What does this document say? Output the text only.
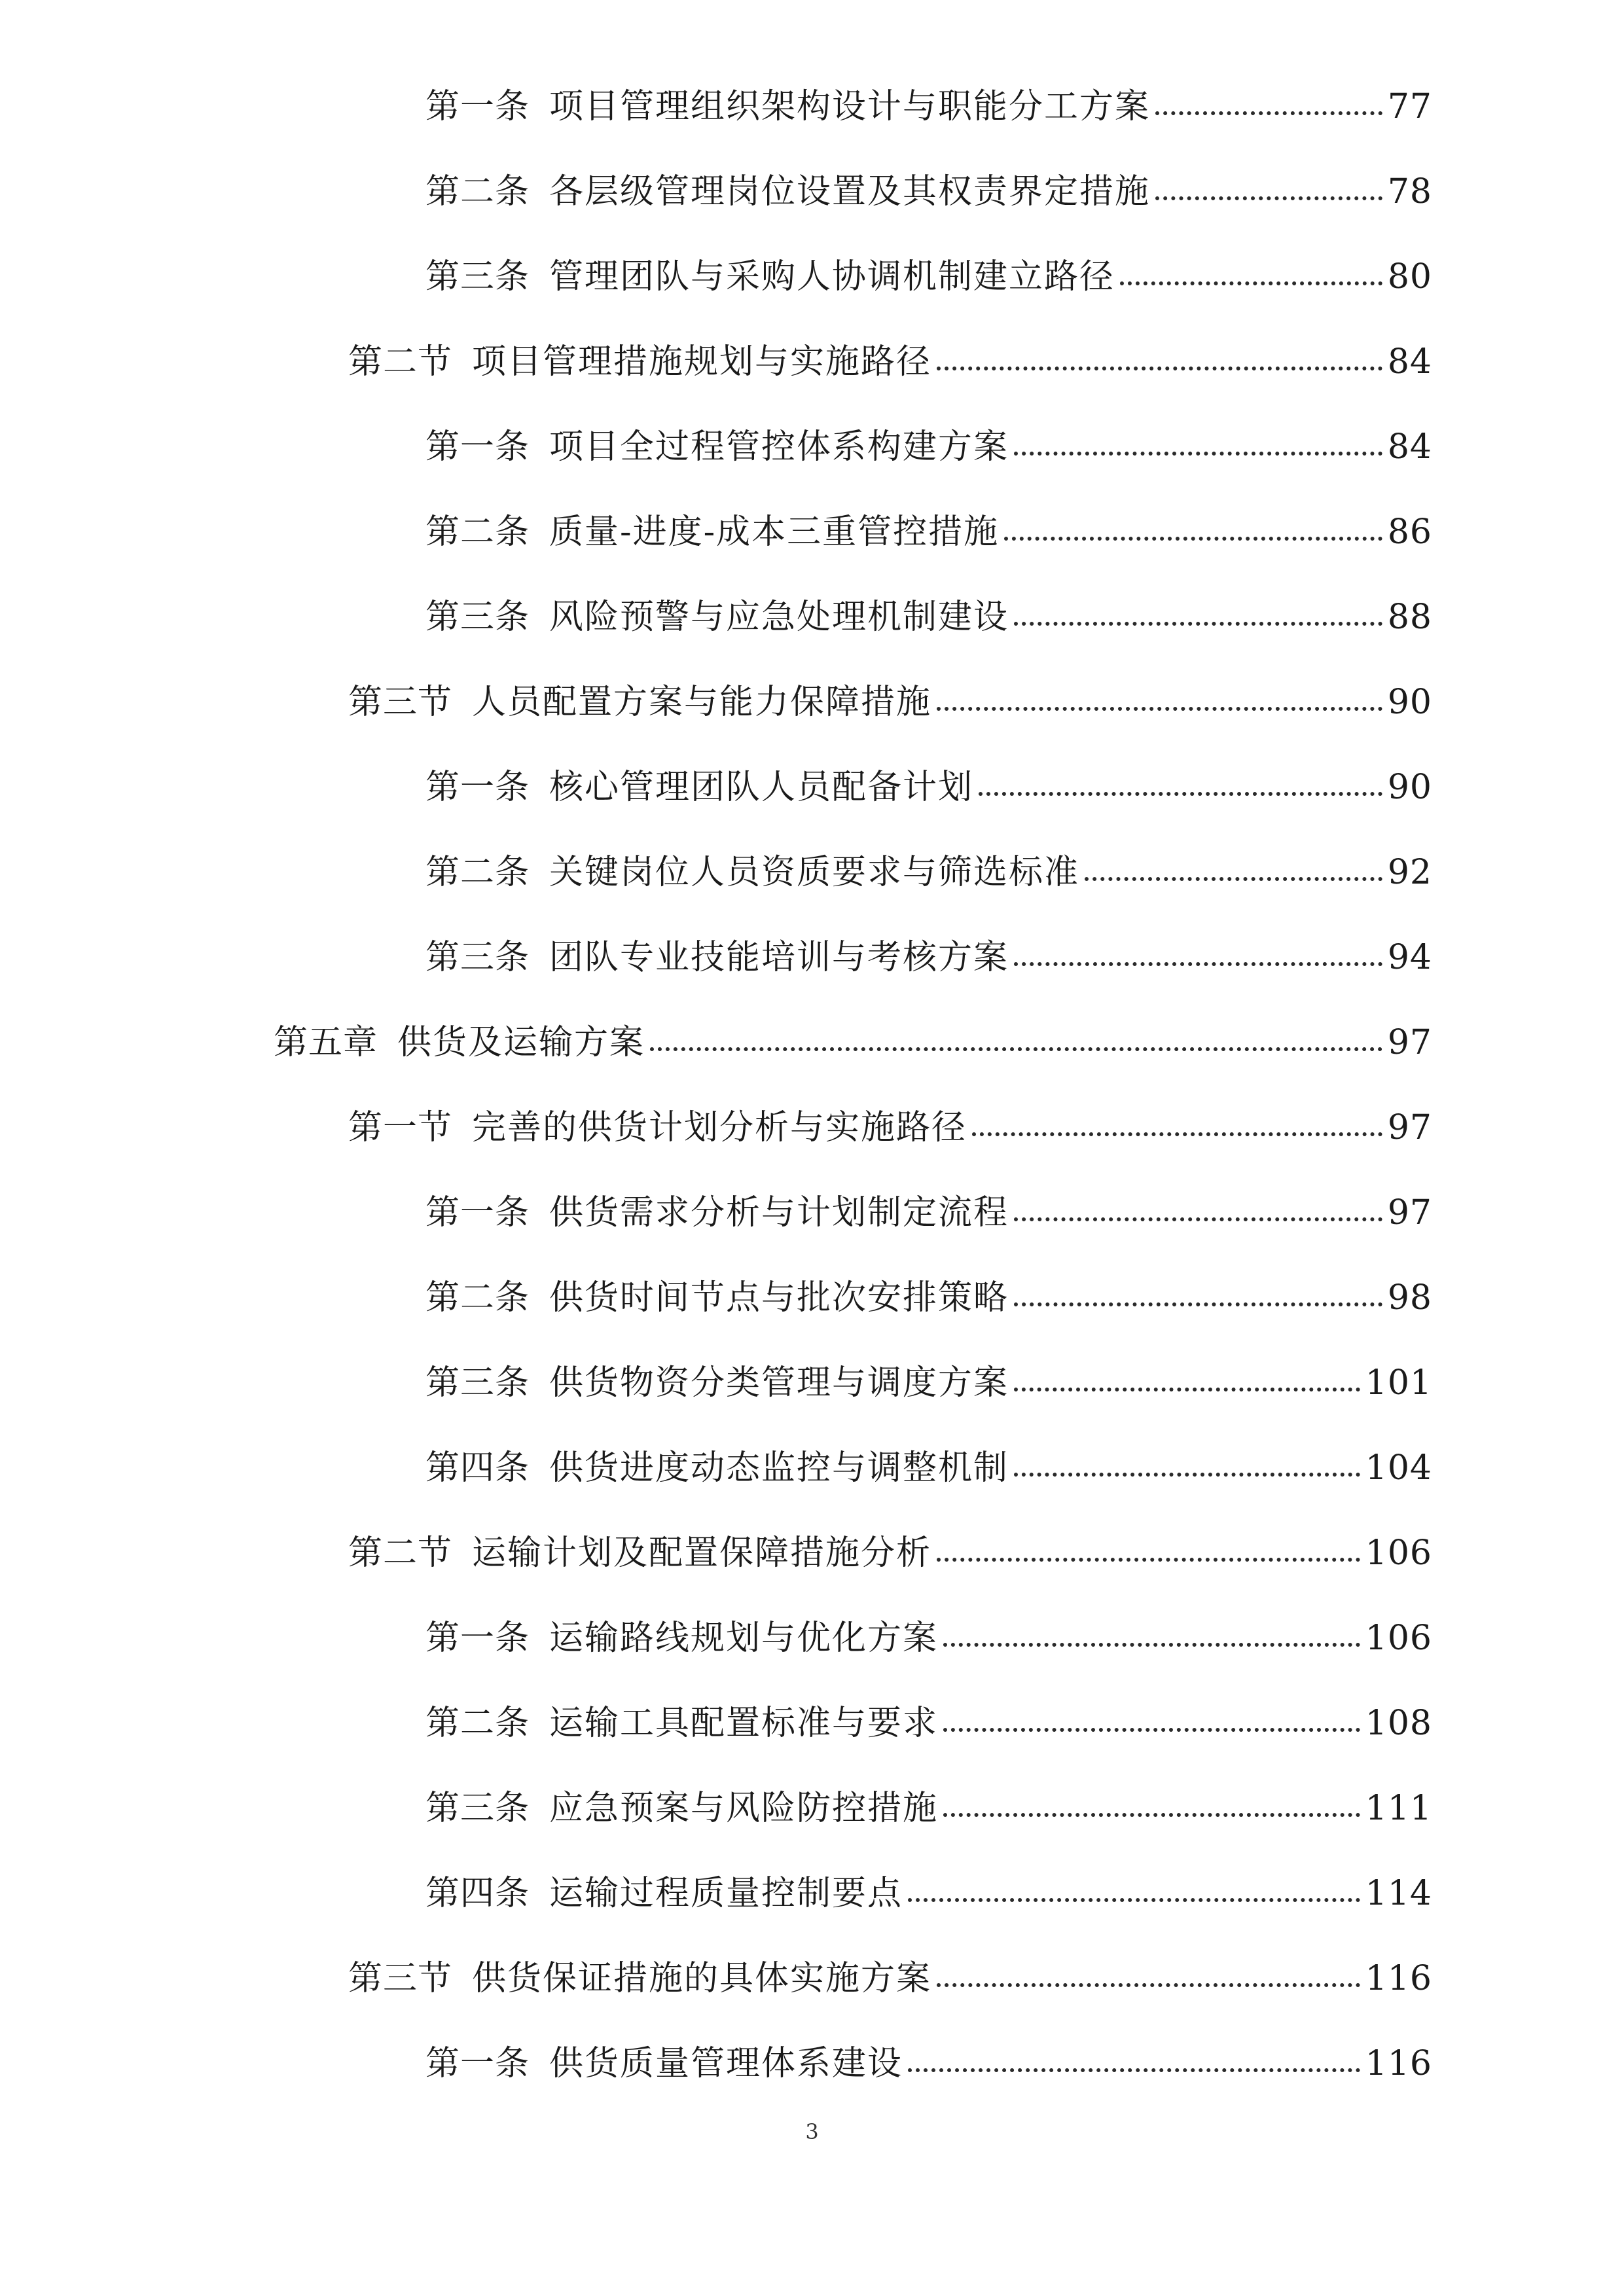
第一条 项目管理组织架构设计与职能分工方案	77
第二条 各层级管理岗位设置及其权责界定措施	78
第三条 管理团队与采购人协调机制建立路径	80
第二节 项目管理措施规划与实施路径	84
第一条 项目全过程管控体系构建方案	84
第二条 质量-进度-成本三重管控措施	86
第三条 风险预警与应急处理机制建设	88
第三节 人员配置方案与能力保障措施	90
第一条 核心管理团队人员配备计划	90
第二条 关键岗位人员资质要求与筛选标准	92
第三条 团队专业技能培训与考核方案	94
第五章 供货及运输方案	97
第一节 完善的供货计划分析与实施路径	97
第一条 供货需求分析与计划制定流程	97
第二条 供货时间节点与批次安排策略	98
第三条 供货物资分类管理与调度方案	101
第四条 供货进度动态监控与调整机制	104
第二节 运输计划及配置保障措施分析	106
第一条 运输路线规划与优化方案	106
第二条 运输工具配置标准与要求	108
第三条 应急预案与风险防控措施	111
第四条 运输过程质量控制要点	114
第三节 供货保证措施的具体实施方案	116
第一条 供货质量管理体系建设	116
3
